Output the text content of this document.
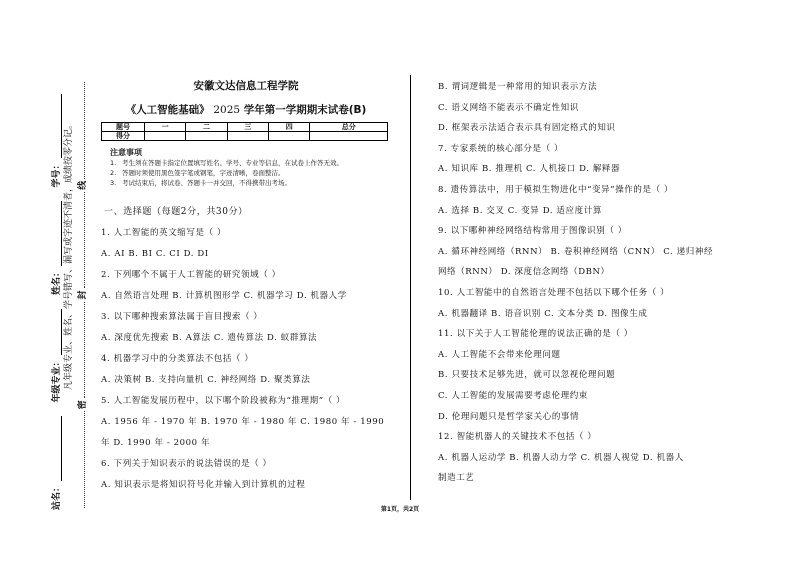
站名：
年级专业：
姓名：
学号： 凡年级专业、姓名、学号错写、漏写或字迹不清者，成绩按零分记。
密
封
线
安徽文达信息工程学院
《人工智能基础》 2025 学年第一学期期末试卷(B)
题号	一	二	三	四	总分
得分					
注意事项
1. 考生须在答题卡指定位置填写姓名、学号、专业等信息，在试卷上作答无效。
2. 答题时须使用黑色签字笔或钢笔，字迹清晰，卷面整洁。
3. 考试结束后，将试卷、答题卡一并交回，不得携带出考场。
一、选择题（每题2分，共30分）
1. 人工智能的英文缩写是（ ）
A. AI B. BI C. CI D. DI
2. 下列哪个不属于人工智能的研究领域（ ）
A. 自然语言处理 B. 计算机图形学 C. 机器学习 D. 机器人学
3. 以下哪种搜索算法属于盲目搜索（ ）
A. 深度优先搜索 B. A算法 C. 遗传算法 D. 蚁群算法
4. 机器学习中的分类算法不包括（ ）
A. 决策树 B. 支持向量机 C. 神经网络 D. 聚类算法
5. 人工智能发展历程中，以下哪个阶段被称为“推理期”（ ）
A. 1956 年 - 1970 年 B. 1970 年 - 1980 年 C. 1980 年 - 1990
年 D. 1990 年 - 2000 年
6. 下列关于知识表示的说法错误的是（ ）
A. 知识表示是将知识符号化并输入到计算机的过程
B. 谓词逻辑是一种常用的知识表示方法
C. 语义网络不能表示不确定性知识
D. 框架表示法适合表示具有固定格式的知识
7. 专家系统的核心部分是（ ）
A. 知识库 B. 推理机 C. 人机接口 D. 解释器
8. 遗传算法中，用于模拟生物进化中“变异”操作的是（ ）
A. 选择 B. 交叉 C. 变异 D. 适应度计算
9. 以下哪种神经网络结构常用于图像识别（ ）
A. 循环神经网络（RNN） B. 卷积神经网络（CNN） C. 递归神经
网络（RNN） D. 深度信念网络（DBN）
10. 人工智能中的自然语言处理不包括以下哪个任务（ ）
A. 机器翻译 B. 语音识别 C. 文本分类 D. 图像生成
11. 以下关于人工智能伦理的说法正确的是（ ）
A. 人工智能不会带来伦理问题
B. 只要技术足够先进，就可以忽视伦理问题
C. 人工智能的发展需要考虑伦理约束
D. 伦理问题只是哲学家关心的事情
12. 智能机器人的关键技术不包括（ ）
A. 机器人运动学 B. 机器人动力学 C. 机器人视觉 D. 机器人
制造工艺
第1页，共2页
